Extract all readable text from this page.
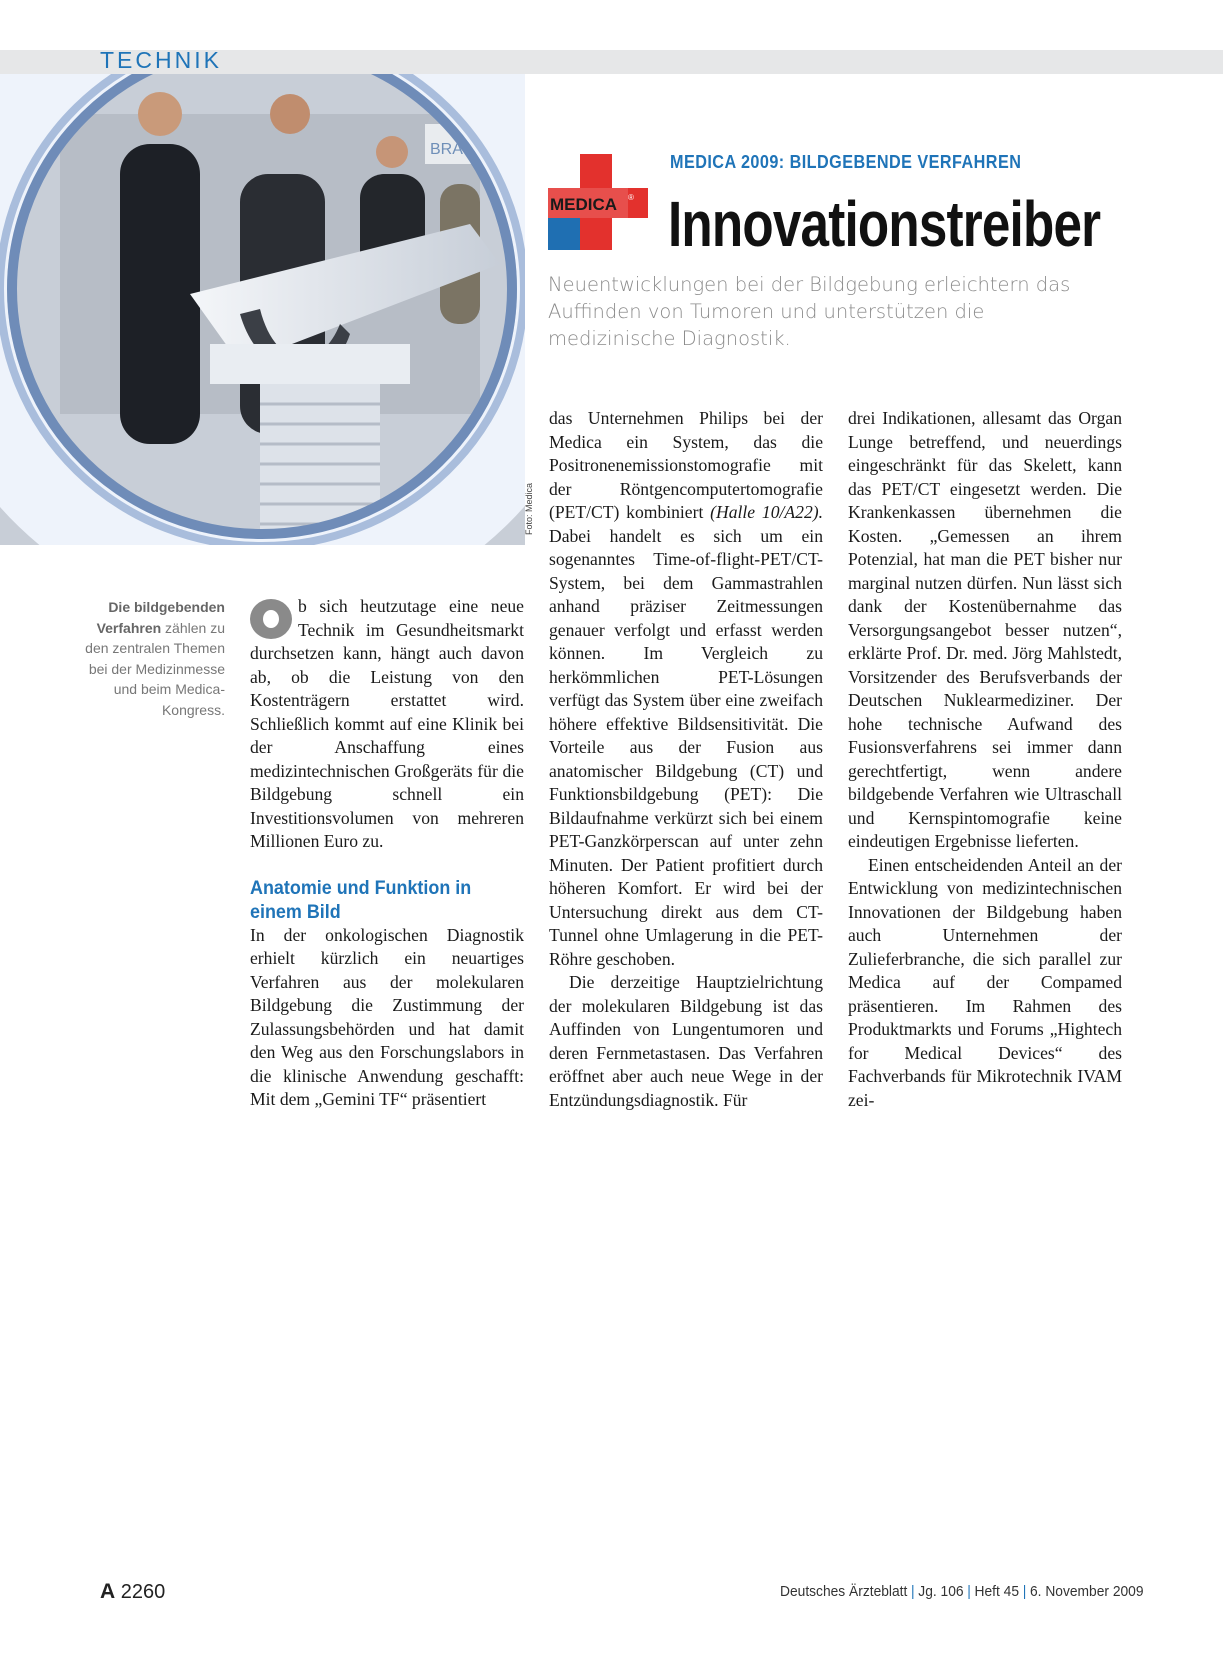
TECHNIK
BRA
Foto: Medica
MEDICA ®
MEDICA 2009: BILDGEBENDE VERFAHREN
Innovationstreiber
Neuentwicklungen bei der Bildgebung erleichtern das Auffinden von Tumoren und unterstützen die medizinische Diagnostik.
Die bildgebenden Verfahren zählen zu den zentralen Themen bei der Medizinmesse und beim Medica-Kongress.

b sich heutzutage eine neue Technik im Gesundheitsmarkt durchsetzen kann, hängt auch davon ab, ob die Leistung von den Kostenträgern erstattet wird. Schließlich kommt auf eine Klinik bei der Anschaffung eines medizintechnischen Großgeräts für die Bildgebung schnell ein Investitionsvolumen von mehreren Millionen Euro zu.

Anatomie und Funktion in einem Bild

In der onkologischen Diagnostik erhielt kürzlich ein neuartiges Verfahren aus der molekularen Bildgebung die Zustimmung der Zulassungsbehörden und hat damit den Weg aus den Forschungslabors in die klinische Anwendung geschafft: Mit dem „Gemini TF“ präsentiert

das Unternehmen Philips bei der Medica ein System, das die Positronenemissionstomografie mit der Röntgencomputertomografie (PET/CT) kombiniert (Halle 10/A22). Dabei handelt es sich um ein sogenanntes Time-of-flight-PET/CT-System, bei dem Gammastrahlen anhand präziser Zeitmessungen genauer verfolgt und erfasst werden können. Im Vergleich zu herkömmlichen PET-Lösungen verfügt das System über eine zweifach höhere effektive Bildsensitivität. Die Vorteile aus der Fusion aus anatomischer Bildgebung (CT) und Funktionsbildgebung (PET): Die Bildaufnahme verkürzt sich bei einem PET-Ganzkörperscan auf unter zehn Minuten. Der Patient profitiert durch höheren Komfort. Er wird bei der Untersuchung direkt aus dem CT-Tunnel ohne Umlagerung in die PET-Röhre geschoben.

Die derzeitige Hauptzielrichtung der molekularen Bildgebung ist das Auffinden von Lungentumoren und deren Fernmetastasen. Das Verfahren eröffnet aber auch neue Wege in der Entzündungsdiagnostik. Für

drei Indikationen, allesamt das Organ Lunge betreffend, und neuerdings eingeschränkt für das Skelett, kann das PET/CT eingesetzt werden. Die Krankenkassen übernehmen die Kosten. „Gemessen an ihrem Potenzial, hat man die PET bisher nur marginal nutzen dürfen. Nun lässt sich dank der Kostenübernahme das Versorgungsangebot besser nutzen“, erklärte Prof. Dr. med. Jörg Mahlstedt, Vorsitzender des Berufsverbands der Deutschen Nuklearmediziner. Der hohe technische Aufwand des Fusionsverfahrens sei immer dann gerechtfertigt, wenn andere bildgebende Verfahren wie Ultraschall und Kernspintomografie keine eindeutigen Ergebnisse lieferten.

Einen entscheidenden Anteil an der Entwicklung von medizintechnischen Innovationen der Bildgebung haben auch Unternehmen der Zulieferbranche, die sich parallel zur Medica auf der Compamed präsentieren. Im Rahmen des Produktmarkts und Forums „Hightech for Medical Devices“ des Fachverbands für Mikrotechnik IVAM zei-

A 2260	Deutsches Ärzteblatt | Jg. 106 | Heft 45 | 6. November 2009
